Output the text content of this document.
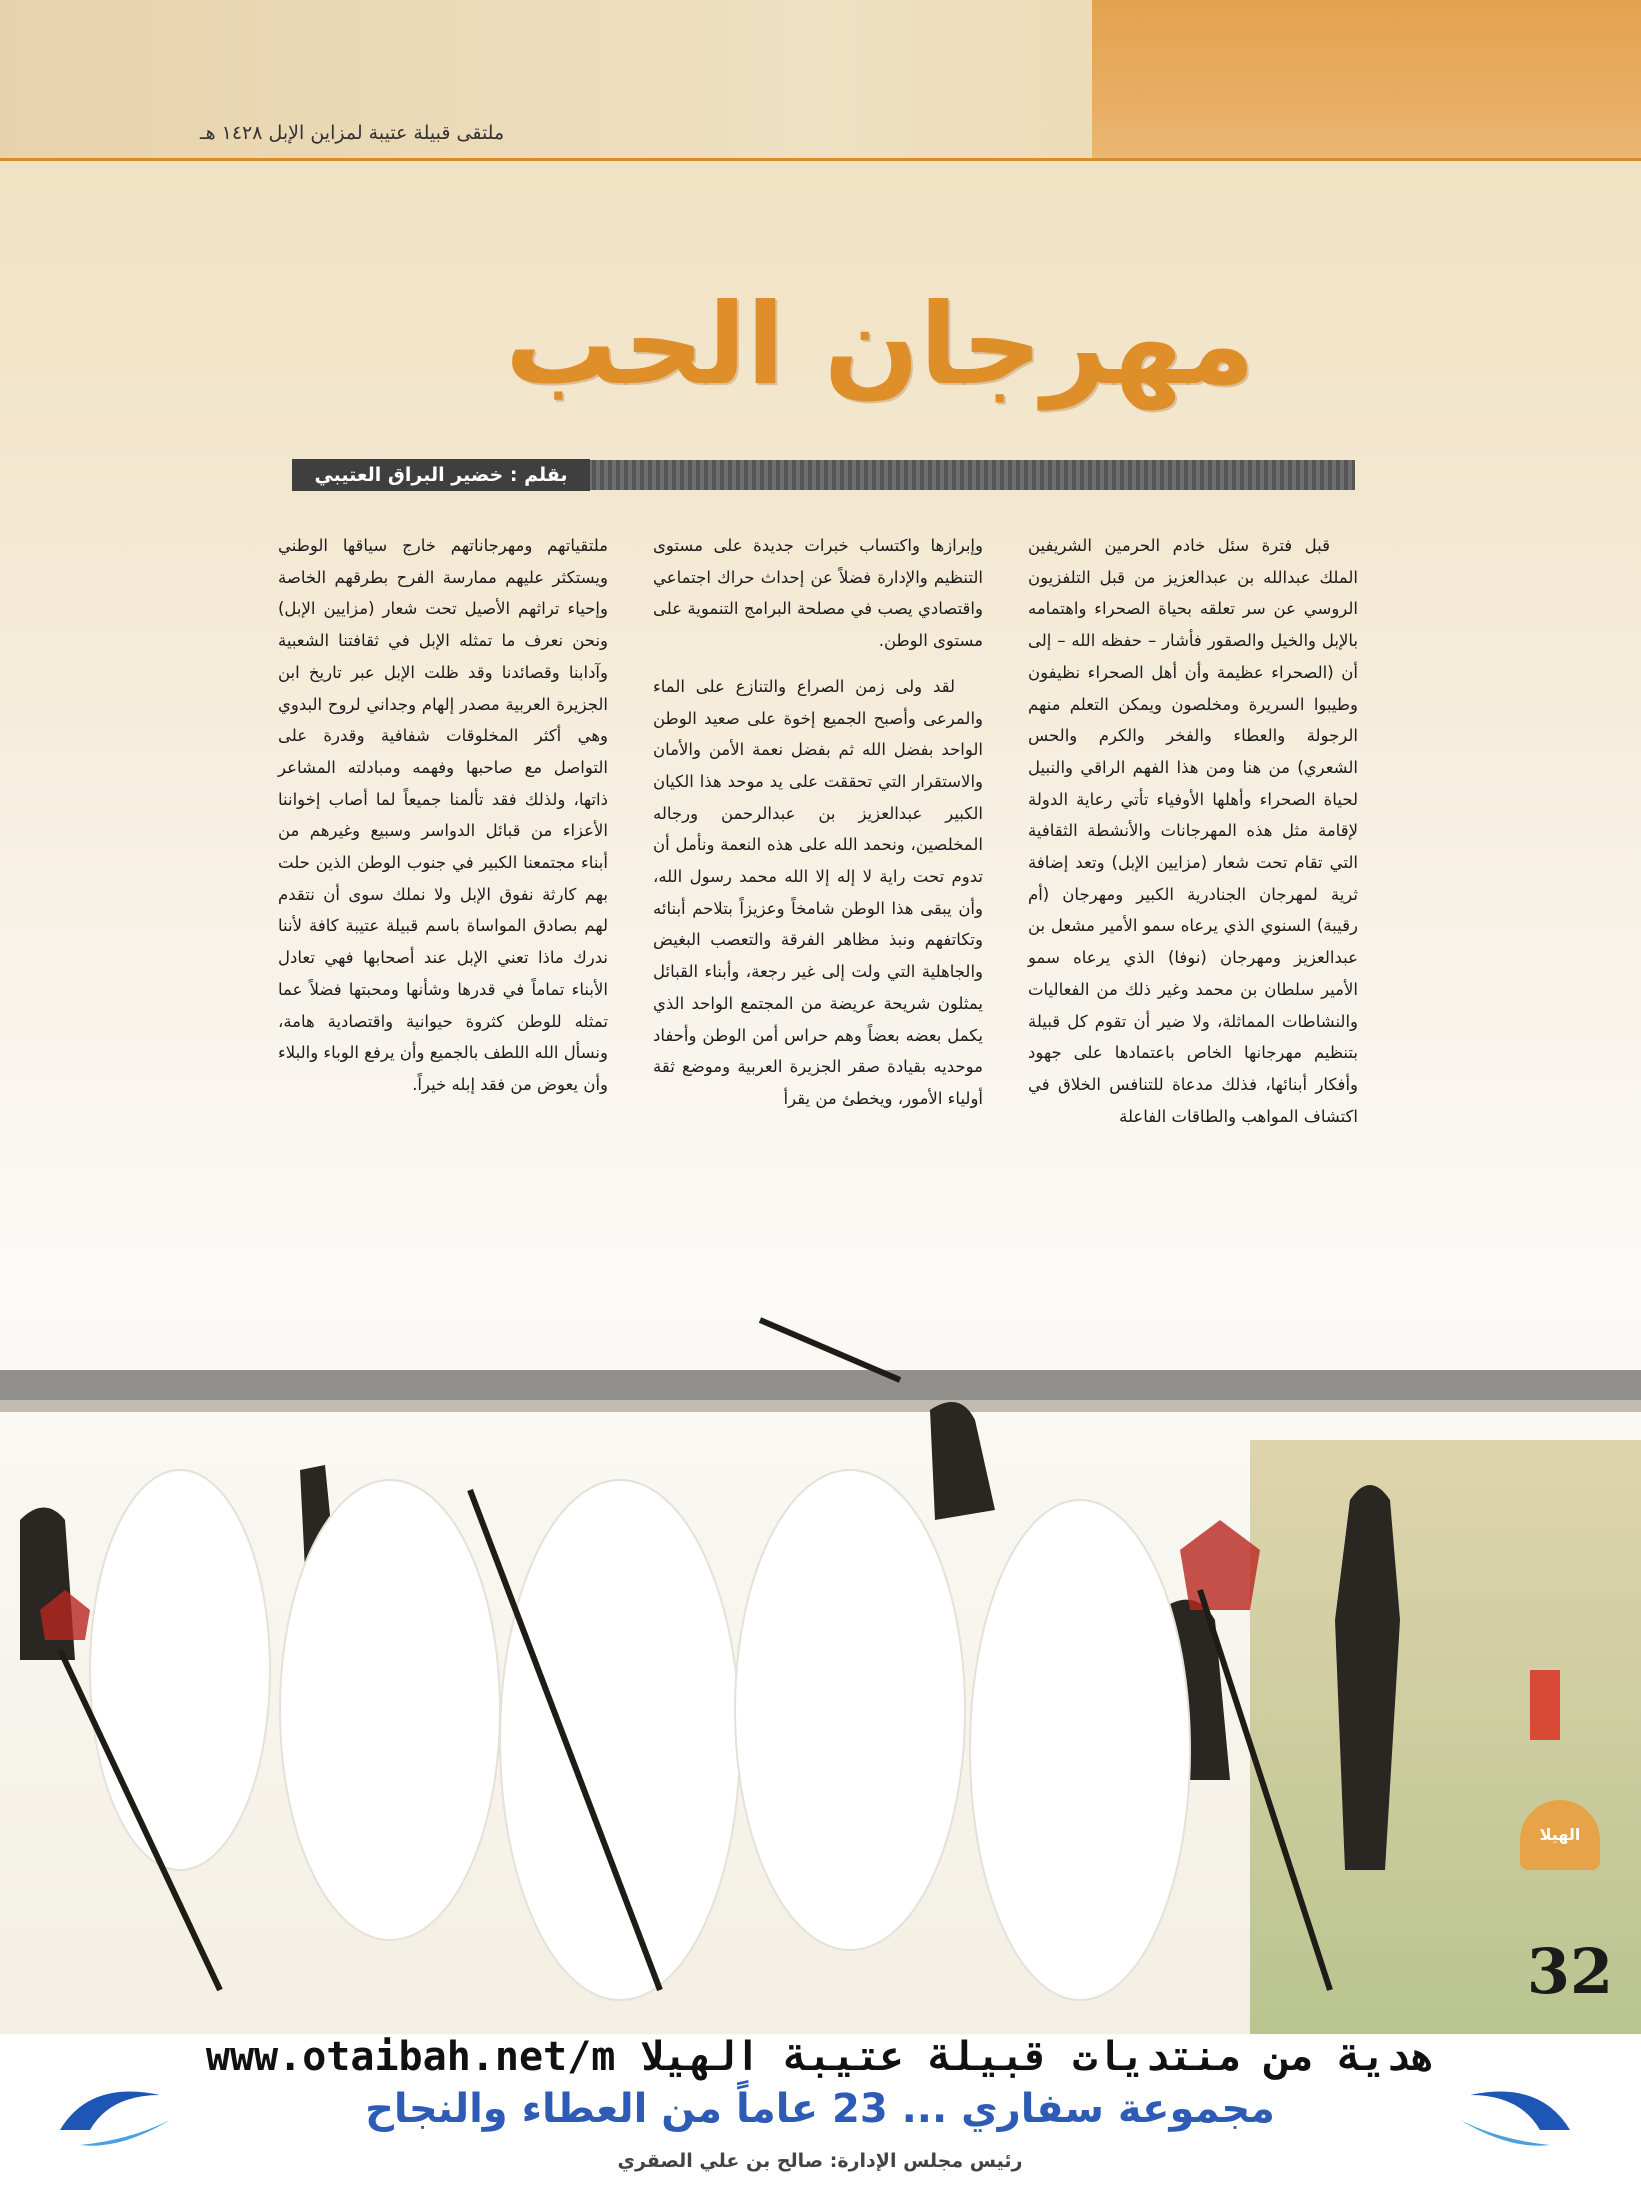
ملتقى قبيلة عتيبة لمزاين الإبل ١٤٢٨ هـ
مهرجان الحب
بقلم : خضير البراق العتيبي

قبل فترة سئل خادم الحرمين الشريفين الملك عبدالله بن عبدالعزيز من قبل التلفزيون الروسي عن سر تعلقه بحياة الصحراء واهتمامه بالإبل والخيل والصقور فأشار – حفظه الله – إلى أن (الصحراء عظيمة وأن أهل الصحراء نظيفون وطيبوا السريرة ومخلصون ويمكن التعلم منهم الرجولة والعطاء والفخر والكرم والحس الشعري) من هنا ومن هذا الفهم الراقي والنبيل لحياة الصحراء وأهلها الأوفياء تأتي رعاية الدولة لإقامة مثل هذه المهرجانات والأنشطة الثقافية التي تقام تحت شعار (مزايين الإبل) وتعد إضافة ثرية لمهرجان الجنادرية الكبير ومهرجان (أم رقيبة) السنوي الذي يرعاه سمو الأمير مشعل بن عبدالعزيز ومهرجان (نوفا) الذي يرعاه سمو الأمير سلطان بن محمد وغير ذلك من الفعاليات والنشاطات المماثلة، ولا ضير أن تقوم كل قبيلة بتنظيم مهرجانها الخاص باعتمادها على جهود وأفكار أبنائها، فذلك مدعاة للتنافس الخلاق في اكتشاف المواهب والطاقات الفاعلة

وإبرازها واكتساب خبرات جديدة على مستوى التنظيم والإدارة فضلاً عن إحداث حراك اجتماعي واقتصادي يصب في مصلحة البرامج التنموية على مستوى الوطن.

لقد ولى زمن الصراع والتنازع على الماء والمرعى وأصبح الجميع إخوة على صعيد الوطن الواحد بفضل الله ثم بفضل نعمة الأمن والأمان والاستقرار التي تحققت على يد موحد هذا الكيان الكبير عبدالعزيز بن عبدالرحمن ورجاله المخلصين، ونحمد الله على هذه النعمة ونأمل أن تدوم تحت راية لا إله إلا الله محمد رسول الله، وأن يبقى هذا الوطن شامخاً وعزيزاً بتلاحم أبنائه وتكاتفهم ونبذ مظاهر الفرقة والتعصب البغيض والجاهلية التي ولت إلى غير رجعة، وأبناء القبائل يمثلون شريحة عريضة من المجتمع الواحد الذي يكمل بعضه بعضاً وهم حراس أمن الوطن وأحفاد موحديه بقيادة صقر الجزيرة العربية وموضع ثقة أولياء الأمور، ويخطئ من يقرأ

ملتقياتهم ومهرجاناتهم خارج سياقها الوطني ويستكثر عليهم ممارسة الفرح بطرقهم الخاصة وإحياء تراثهم الأصيل تحت شعار (مزايين الإبل) ونحن نعرف ما تمثله الإبل في ثقافتنا الشعبية وآدابنا وقصائدنا وقد ظلت الإبل عبر تاريخ ابن الجزيرة العربية مصدر إلهام وجداني لروح البدوي وهي أكثر المخلوقات شفافية وقدرة على التواصل مع صاحبها وفهمه ومبادلته المشاعر ذاتها، ولذلك فقد تألمنا جميعاً لما أصاب إخواننا الأعزاء من قبائل الدواسر وسبيع وغيرهم من أبناء مجتمعنا الكبير في جنوب الوطن الذين حلت بهم كارثة نفوق الإبل ولا نملك سوى أن نتقدم لهم بصادق المواساة باسم قبيلة عتيبة كافة لأننا ندرك ماذا تعني الإبل عند أصحابها فهي تعادل الأبناء تماماً في قدرها وشأنها ومحبتها فضلاً عما تمثله للوطن كثروة حيوانية واقتصادية هامة، ونسأل الله اللطف بالجميع وأن يرفع الوباء والبلاء وأن يعوض من فقد إبله خيراً.

الهيلا
32
www.otaibah.net/m هدية من منتديات قبيلة عتيبة الهيلا
مجموعة سفاري ... 23 عاماً من العطاء والنجاح
رئيس مجلس الإدارة: صالح بن علي الصقري
